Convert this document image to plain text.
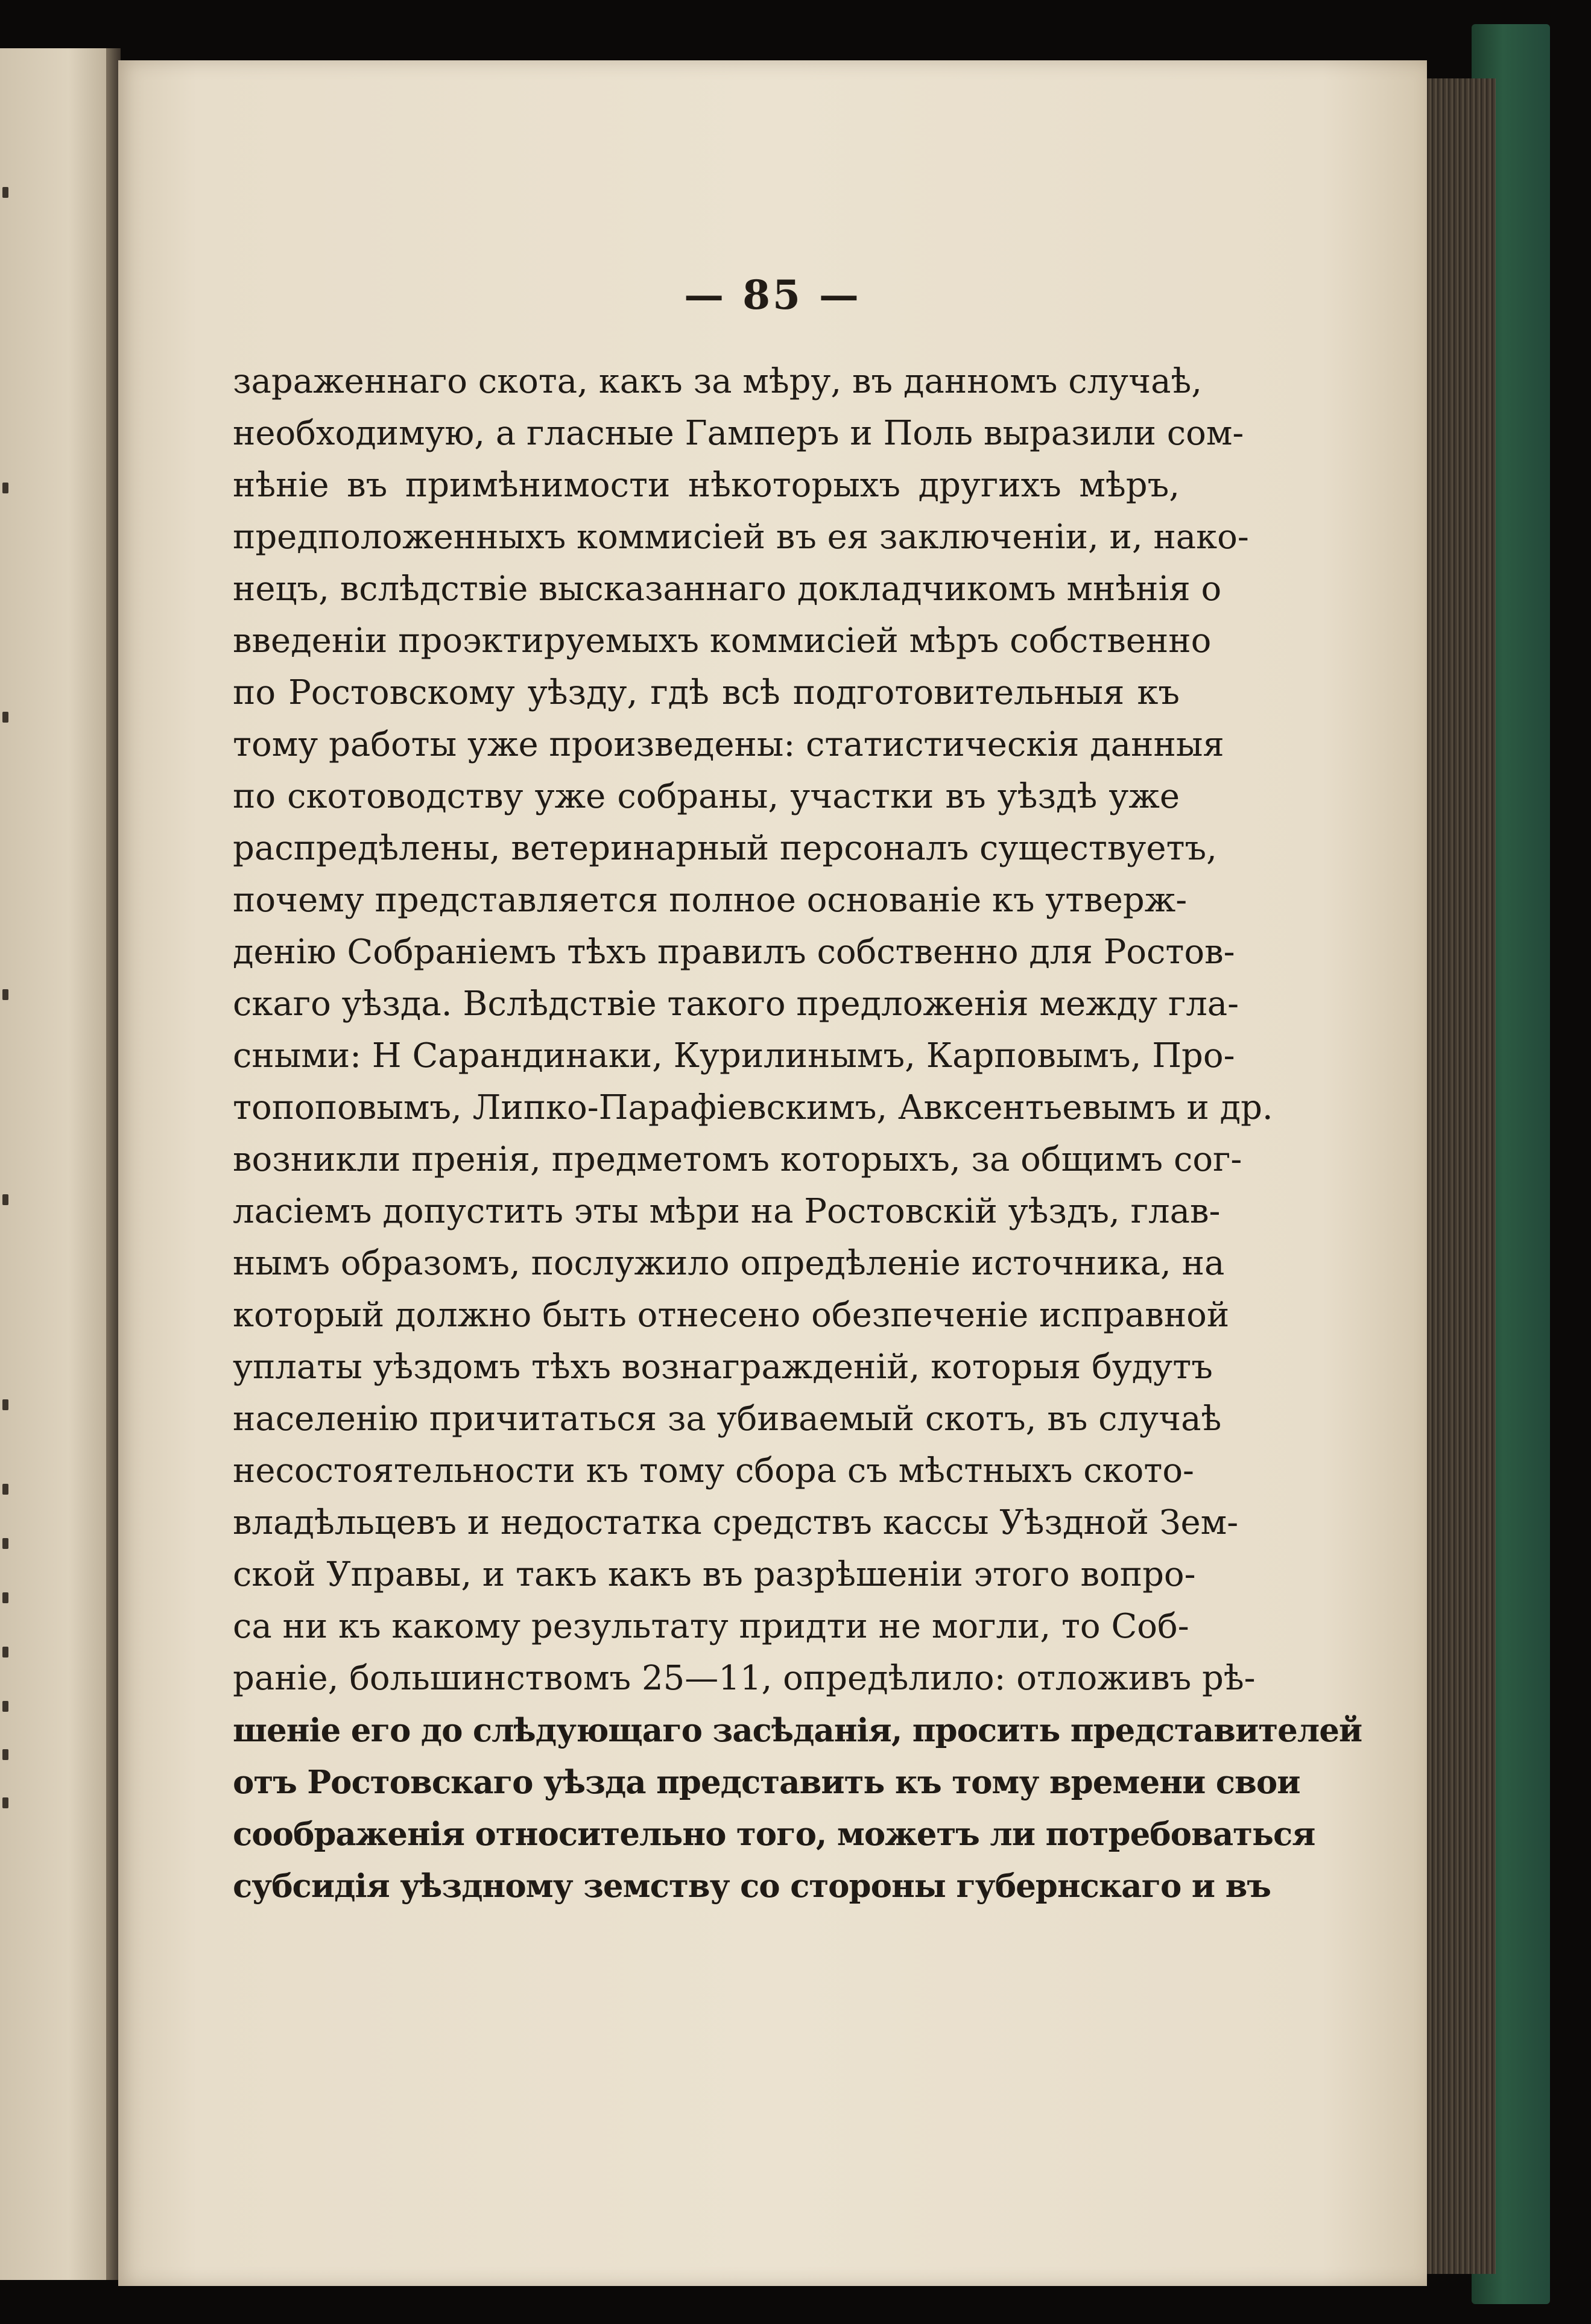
— 85 —
зараженнаго скота, какъ за мѣру, въ данномъ случаѣ,
необходимую, а гласные Гамперъ и Поль выразили сом-
нѣніе въ примѣнимости нѣкоторыхъ другихъ мѣръ,
предположенныхъ коммисiей въ ея заключенiи, и, нако-
нецъ, вслѣдствiе высказаннаго докладчикомъ мнѣнiя о
введенiи проэктируемыхъ коммисiей мѣръ собственно
по Ростовскому уѣзду, гдѣ всѣ подготовительныя къ
тому работы уже произведены: статистическiя данныя
по скотоводству уже собраны, участки въ уѣздѣ уже
распредѣлены, ветеринарный персоналъ существуетъ,
почему представляется полное основанiе къ утверж-
денiю Собранiемъ тѣхъ правилъ собственно для Ростов-
скаго уѣзда. Вслѣдствiе такого предложенiя между гла-
сными: Н Сарандинаки, Курилинымъ, Карповымъ, Про-
топоповымъ, Липко-Парафiевскимъ, Авксентьевымъ и др.
возникли пренiя, предметомъ которыхъ, за общимъ сог-
ласiемъ допустить эты мѣри на Ростовскiй уѣздъ, глав-
нымъ образомъ, послужило опредѣленiе источника, на
который должно быть отнесено обезпеченiе исправной
уплаты уѣздомъ тѣхъ вознагражденiй, которыя будутъ
населенiю причитаться за убиваемый скотъ, въ случаѣ
несостоятельности къ тому сбора съ мѣстныхъ ското-
владѣльцевъ и недостатка средствъ кассы Уѣздной Зем-
ской Управы, и такъ какъ въ разрѣшенiи этого вопро-
са ни къ какому результату придти не могли, то Соб-
ранiе, большинствомъ 25—11, опредѣлило: отложивъ рѣ-
шенiе его до слѣдующаго засѣданiя, просить представителей
отъ Ростовскаго уѣзда представить къ тому времени свои
соображенiя относительно того, можетъ ли потребоваться
субсидiя уѣздному земству со стороны губернскаго и въ
